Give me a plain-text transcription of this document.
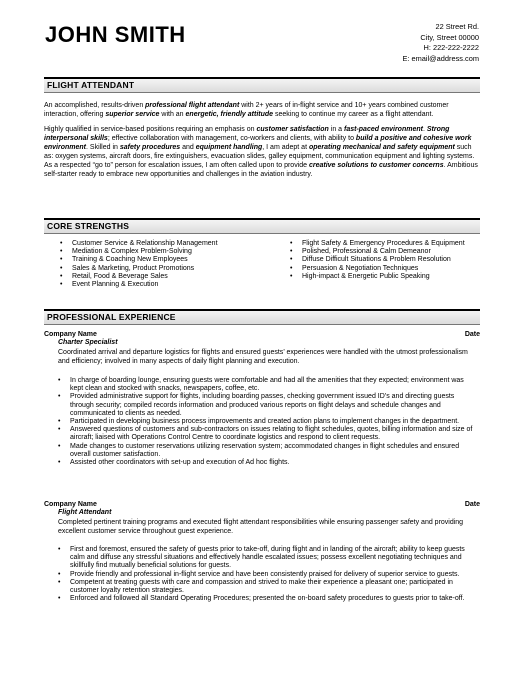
JOHN SMITH	22 Street Rd.
City, Street 00000
H: 222-222-2222
E: email@address.com
FLIGHT ATTENDANT

An accomplished, results-driven professional flight attendant with 2+ years of in-flight service and 10+ years combined customer interaction, offering superior service with an energetic, friendly attitude seeking to continue my career as a flight attendant.

Highly qualified in service-based positions requiring an emphasis on customer satisfaction in a fast-paced environment. Strong interpersonal skills; effective collaboration with management, co-workers and clients, with ability to build a positive and cohesive work environment. Skilled in safety procedures and equipment handling, I am adept at operating mechanical and safety equipment such as: oxygen systems, aircraft doors, fire extinguishers, evacuation slides, galley equipment, communication equipment and lighting systems. As a respected “go to” person for escalation issues, I am often called upon to provide creative solutions to customer concerns. Ambitious self-starter ready to embrace new opportunities and challenges in the aviation industry.

CORE STRENGTHS
• Customer Service & Relationship Management
• Mediation & Complex Problem-Solving
• Training & Coaching New Employees
• Sales & Marketing, Product Promotions
• Retail, Food & Beverage Sales
• Event Planning & Execution
• Flight Safety & Emergency Procedures & Equipment
• Polished, Professional & Calm Demeanor
• Diffuse Difficult Situations & Problem Resolution
• Persuasion & Negotiation Techniques
• High-impact & Energetic Public Speaking
PROFESSIONAL EXPERIENCE
Company Name	Date
Charter Specialist

Coordinated arrival and departure logistics for flights and ensured guests’ experiences were handled with the utmost professionalism and efficiency; involved in many aspects of daily flight planning and execution.

• In charge of boarding lounge, ensuring guests were comfortable and had all the amenities that they expected; environment was kept clean and stocked with snacks, newspapers, coffee, etc.
• Provided administrative support for flights, including boarding passes, checking government issued ID’s and directing guests through security; compiled records information and produced various reports on flight delays and schedule changes and communicated to clients as needed.
• Participated in developing business process improvements and created action plans to implement changes in the department.
• Answered questions of customers and sub-contractors on issues relating to flight schedules, quotes, billing information and size of aircraft; liaised with Operations Control Centre to coordinate logistics and respond to client requests.
• Made changes to customer reservations utilizing reservation system; accommodated changes in flight schedules and ensured overall customer satisfaction.
• Assisted other coordinators with set-up and execution of Ad hoc flights.
Company Name	Date
Flight Attendant

Completed pertinent training programs and executed flight attendant responsibilities while ensuring passenger safety and providing excellent customer service throughout guest experience.

• First and foremost, ensured the safety of guests prior to take-off, during flight and in landing of the aircraft; ability to keep guests calm and diffuse any stressful situations and effectively handle escalated issues; possess excellent negotiating techniques and skillfully find mutually beneficial solutions for guests.
• Provide friendly and professional in-flight service and have been consistently praised for delivery of superior service to guests.
• Competent at treating guests with care and compassion and strived to make their experience a pleasant one; participated in customer loyalty retention strategies.
• Enforced and followed all Standard Operating Procedures; presented the on-board safety procedures to guests prior to take-off.
